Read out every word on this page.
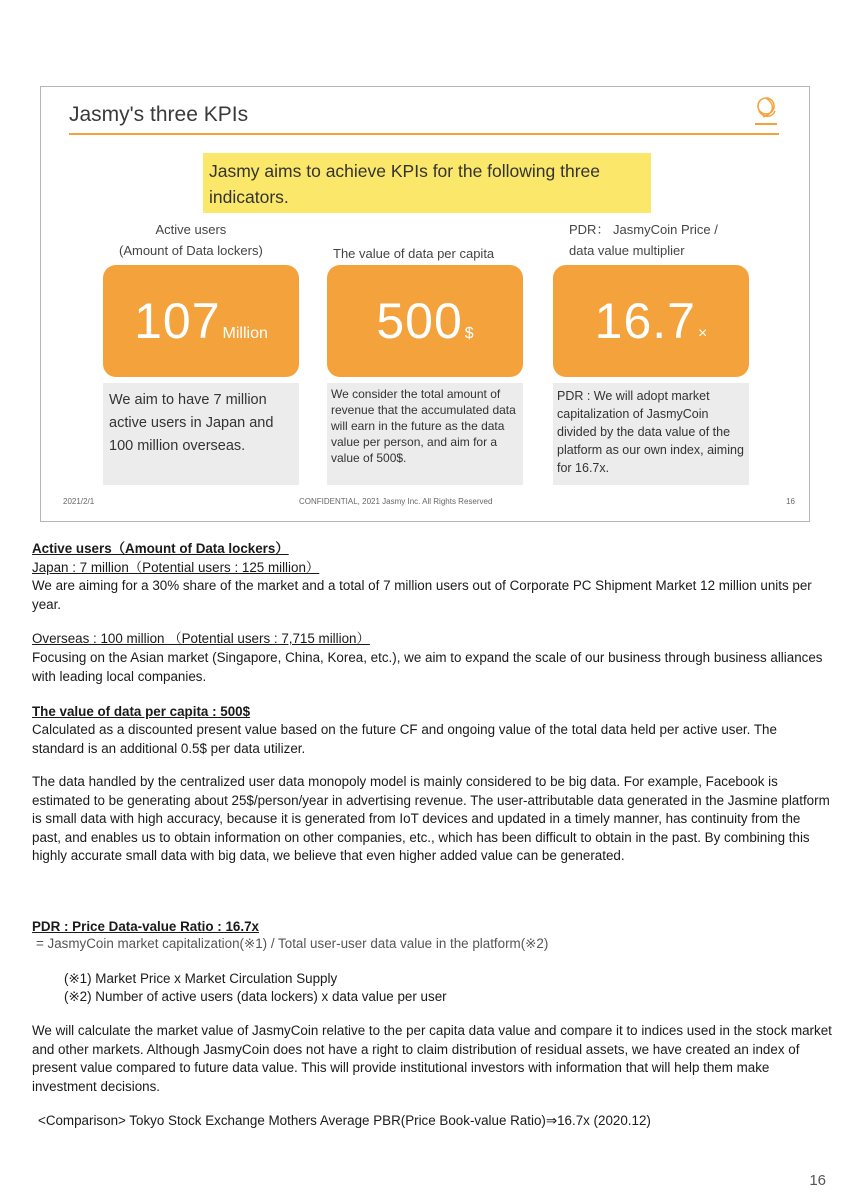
Jasmy's three KPIs
Jasmy aims to achieve KPIs for the following three indicators.
Active users
(Amount of Data lockers)
107 Million
We aim to have 7 million active users in Japan and 100 million overseas.
The value of data per capita
500 $
We consider the total amount of revenue that the accumulated data will earn in the future as the data value per person, and aim for a value of 500$.
PDR： JasmyCoin Price /
data value multiplier
16.7 ×
PDR : We will adopt market capitalization of JasmyCoin divided by the data value of the platform as our own index, aiming for 16.7x.
2021/2/1	CONFIDENTIAL, 2021 Jasmy Inc. All Rights Reserved	16
Active users（Amount of Data lockers）
Japan : 7 million（Potential users : 125 million）
We are aiming for a 30% share of the market and a total of 7 million users out of Corporate PC Shipment Market 12 million units per year.
Overseas : 100 million （Potential users : 7,715 million）
Focusing on the Asian market (Singapore, China, Korea, etc.), we aim to expand the scale of our business through business alliances with leading local companies.
The value of data per capita : 500$
Calculated as a discounted present value based on the future CF and ongoing value of the total data held per active user. The standard is an additional 0.5$ per data utilizer.
The data handled by the centralized user data monopoly model is mainly considered to be big data. For example, Facebook is estimated to be generating about 25$/person/year in advertising revenue. The user-attributable data generated in the Jasmine platform is small data with high accuracy, because it is generated from IoT devices and updated in a timely manner, has continuity from the past, and enables us to obtain information on other companies, etc., which has been difficult to obtain in the past. By combining this highly accurate small data with big data, we believe that even higher added value can be generated.
PDR : Price Data-value Ratio : 16.7x
= JasmyCoin market capitalization(※1) / Total user-user data value in the platform(※2)
(※1) Market Price x Market Circulation Supply
(※2) Number of active users (data lockers) x data value per user
We will calculate the market value of JasmyCoin relative to the per capita data value and compare it to indices used in the stock market and other markets. Although JasmyCoin does not have a right to claim distribution of residual assets, we have created an index of present value compared to future data value. This will provide institutional investors with information that will help them make investment decisions.
<Comparison> Tokyo Stock Exchange Mothers Average PBR(Price Book-value Ratio)⇒16.7x (2020.12)
16
